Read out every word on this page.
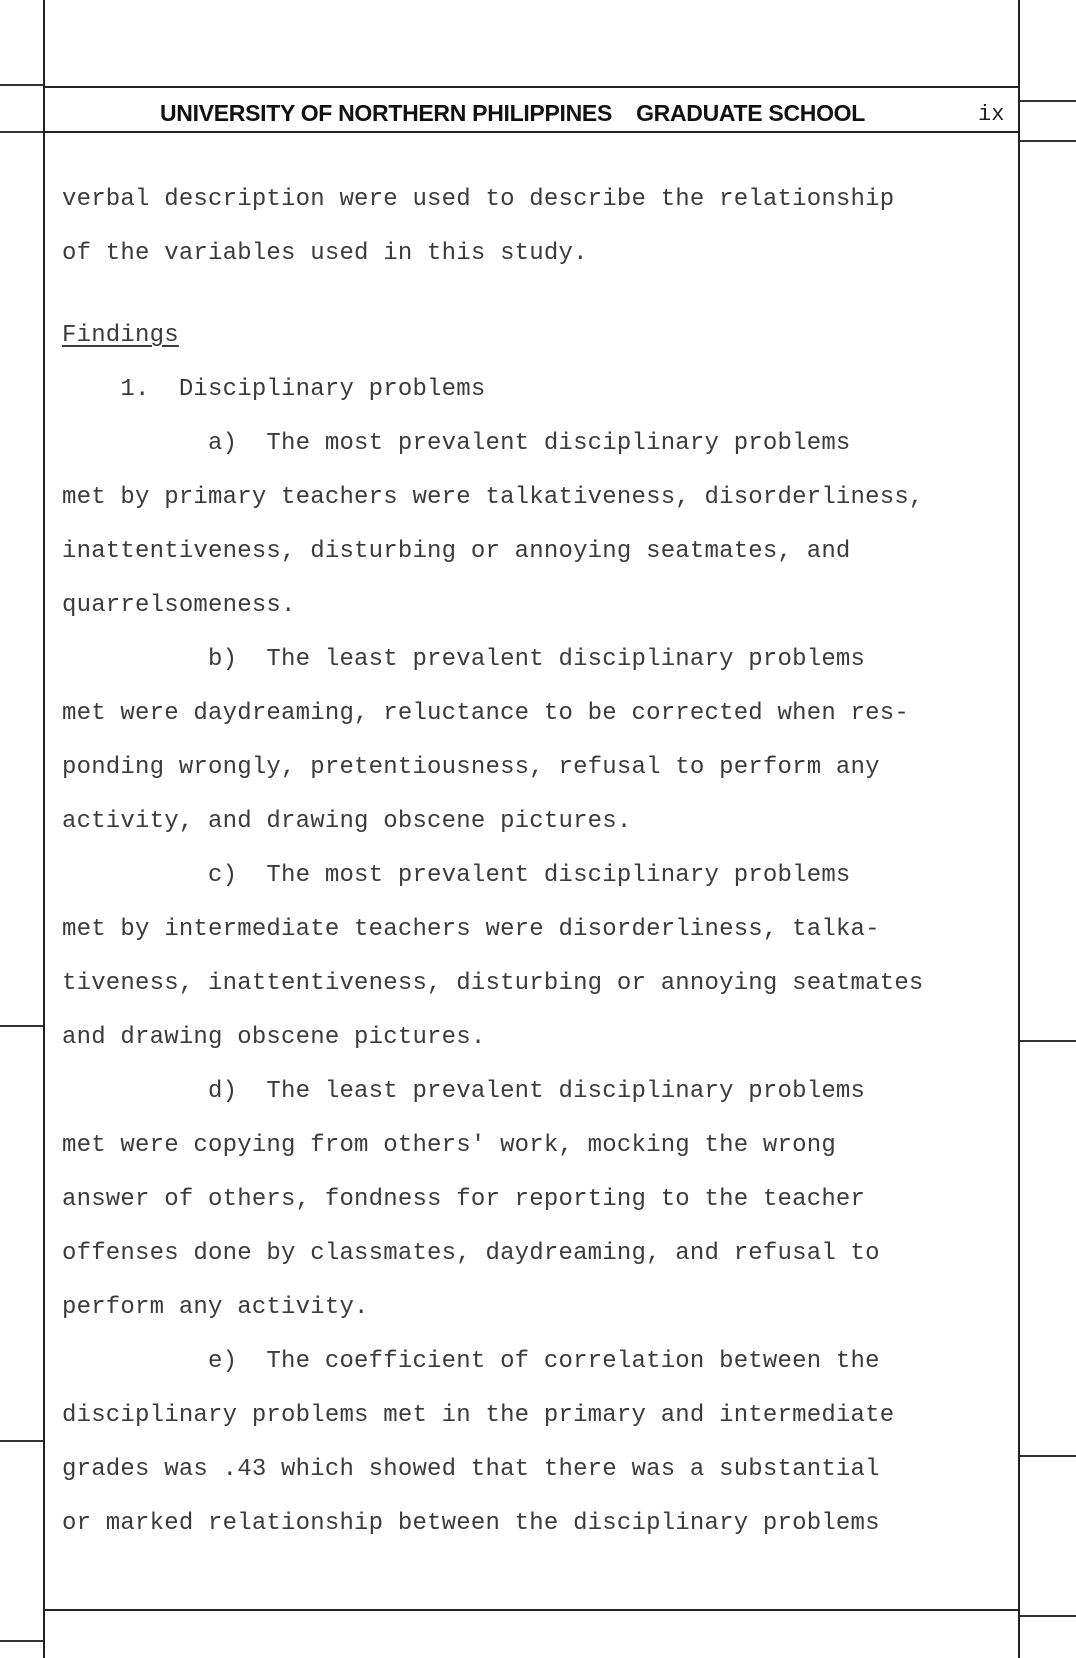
UNIVERSITY OF NORTHERN PHILIPPINES GRADUATE SCHOOL	ix
verbal description were used to describe the relationship
of the variables used in this study.
Findings
1.  Disciplinary problems
a)  The most prevalent disciplinary problems
met by primary teachers were talkativeness, disorderliness,
inattentiveness, disturbing or annoying seatmates, and
quarrelsomeness.
b)  The least prevalent disciplinary problems
met were daydreaming, reluctance to be corrected when res-
ponding wrongly, pretentiousness, refusal to perform any
activity, and drawing obscene pictures.
c)  The most prevalent disciplinary problems
met by intermediate teachers were disorderliness, talka-
tiveness, inattentiveness, disturbing or annoying seatmates
and drawing obscene pictures.
d)  The least prevalent disciplinary problems
met were copying from others' work, mocking the wrong
answer of others, fondness for reporting to the teacher
offenses done by classmates, daydreaming, and refusal to
perform any activity.
e)  The coefficient of correlation between the
disciplinary problems met in the primary and intermediate
grades was .43 which showed that there was a substantial
or marked relationship between the disciplinary problems
